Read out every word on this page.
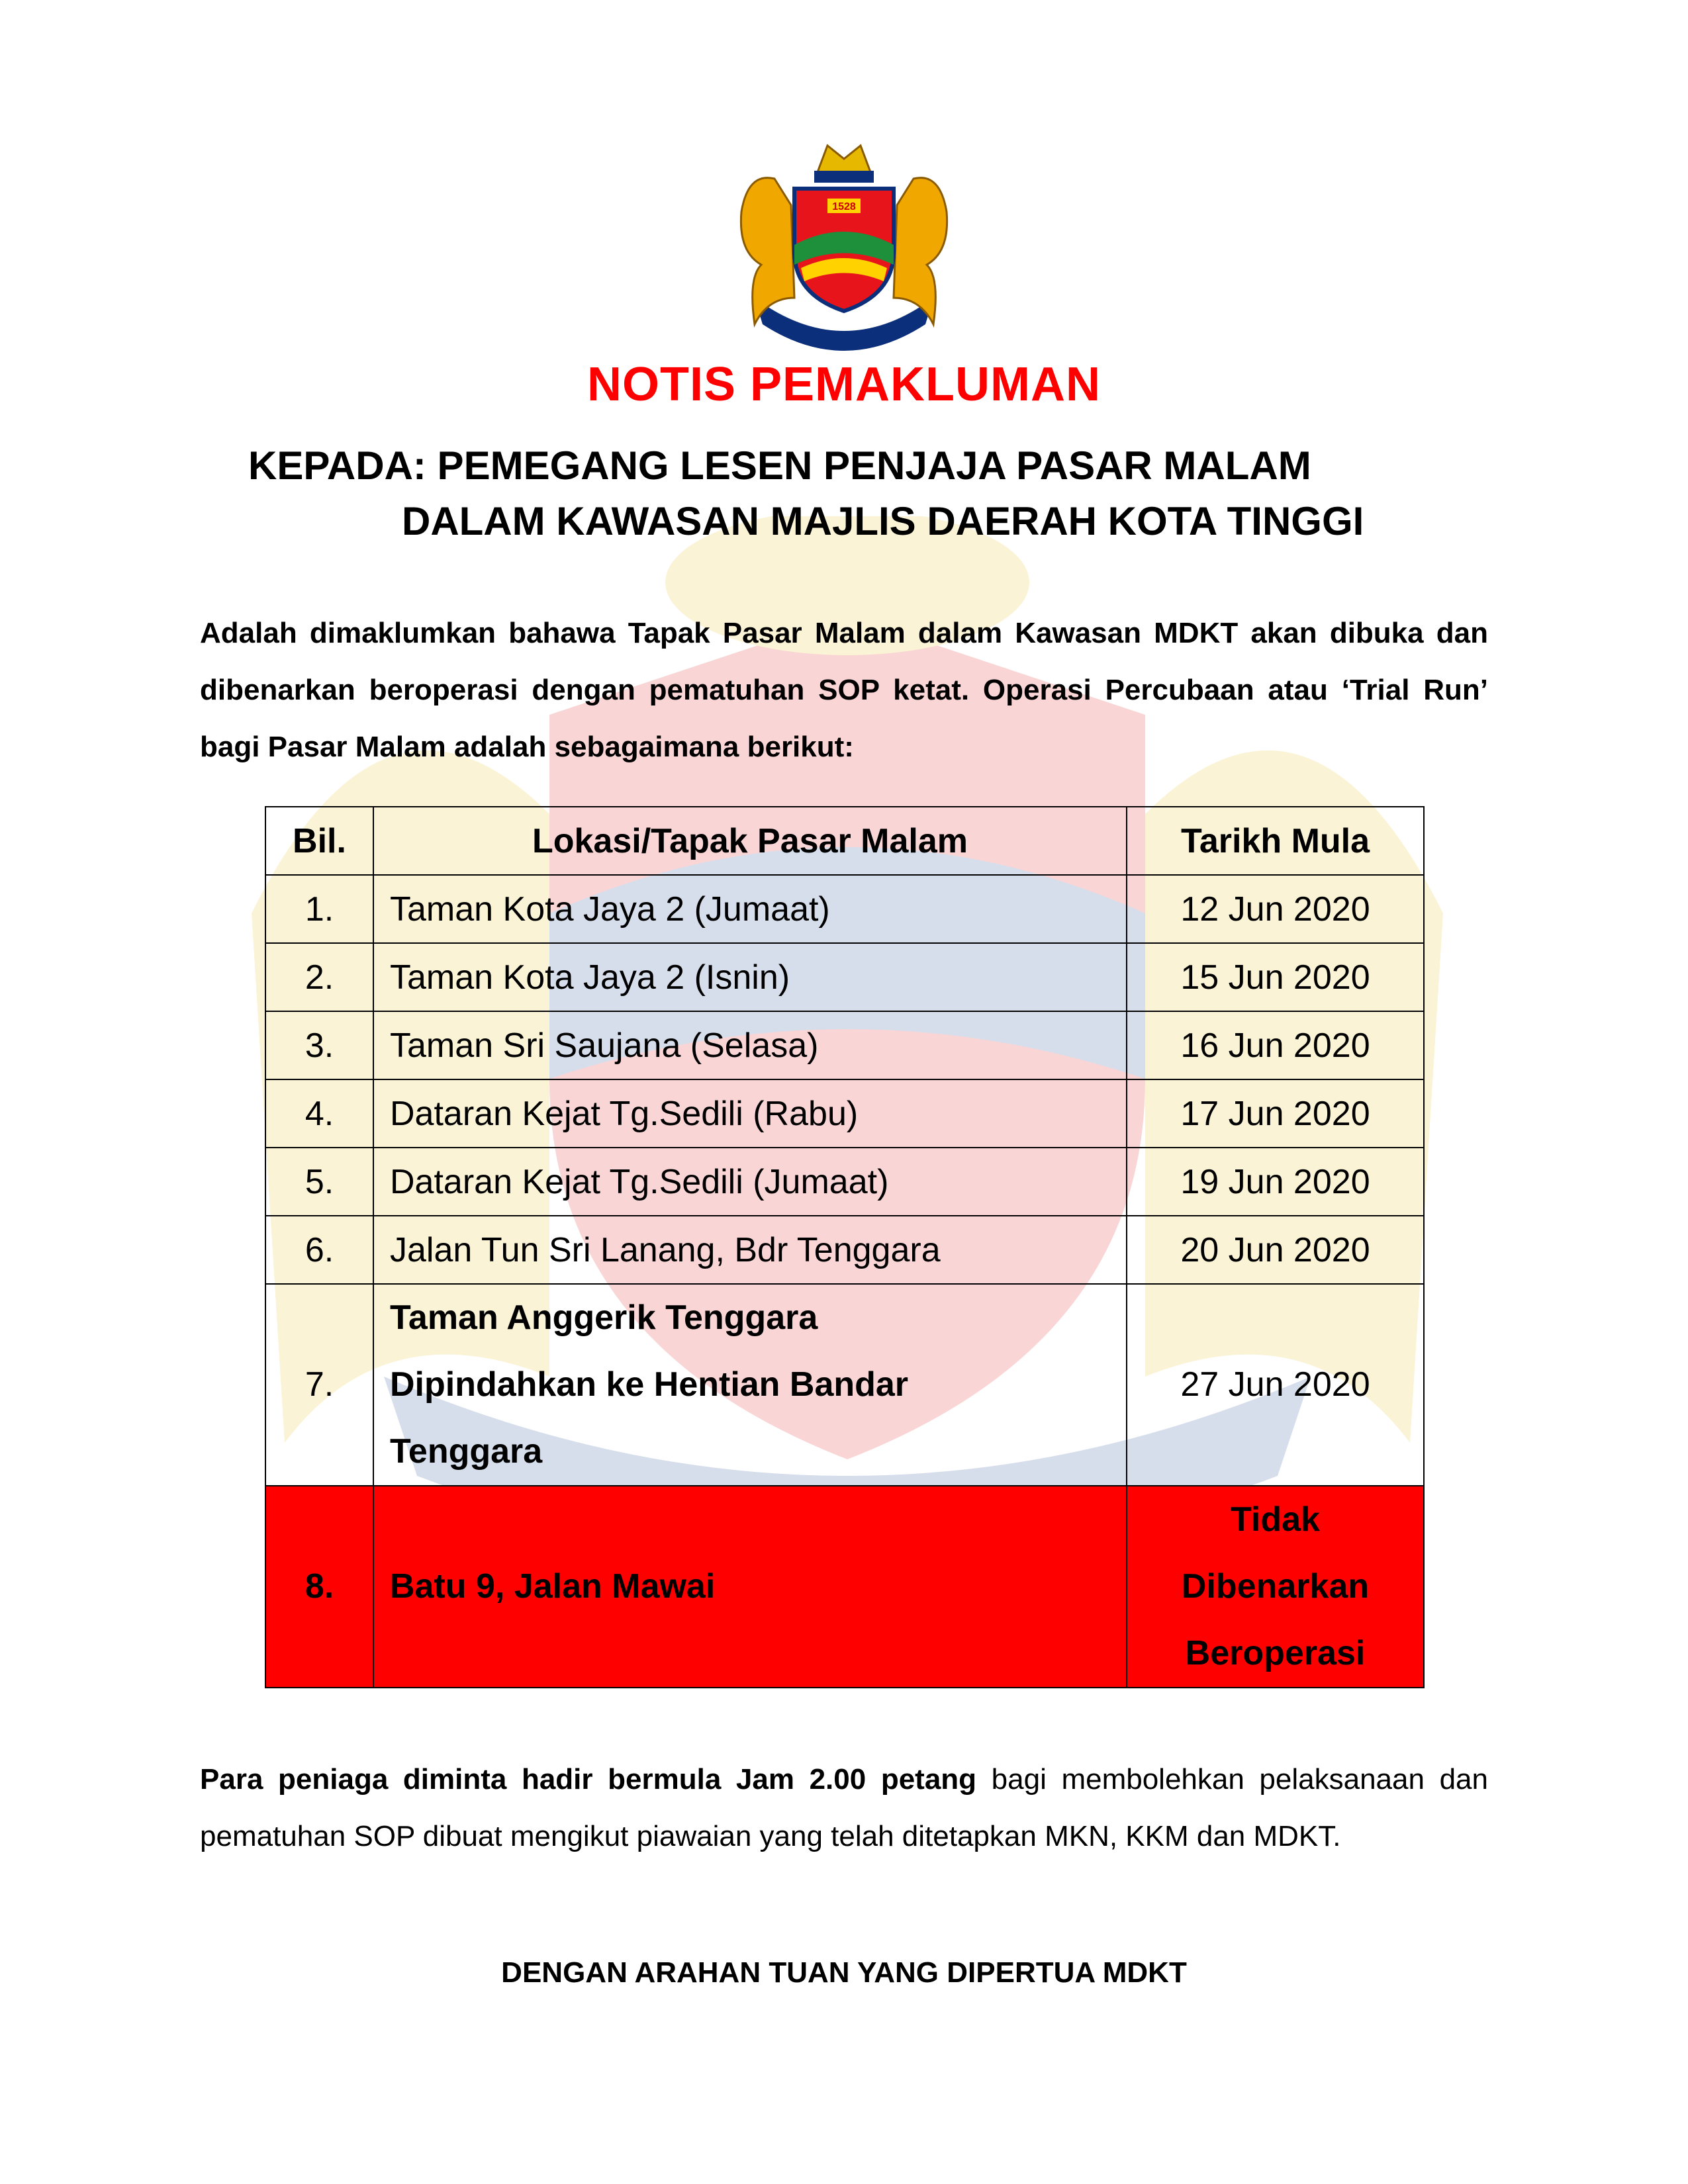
1528
NOTIS PEMAKLUMAN
KEPADA: PEMEGANG LESEN PENJAJA PASAR MALAM
DALAM KAWASAN MAJLIS DAERAH KOTA TINGGI
Adalah dimaklumkan bahawa Tapak Pasar Malam dalam Kawasan MDKT akan dibuka dan dibenarkan beroperasi dengan pematuhan SOP ketat. Operasi Percubaan atau ‘Trial Run’ bagi Pasar Malam adalah sebagaimana berikut:
Bil.	Lokasi/Tapak Pasar Malam	Tarikh Mula
1.	Taman Kota Jaya 2 (Jumaat)	12 Jun 2020
2.	Taman Kota Jaya 2 (Isnin)	15 Jun 2020
3.	Taman Sri Saujana (Selasa)	16 Jun 2020
4.	Dataran Kejat Tg.Sedili (Rabu)	17 Jun 2020
5.	Dataran Kejat Tg.Sedili (Jumaat)	19 Jun 2020
6.	Jalan Tun Sri Lanang, Bdr Tenggara	20 Jun 2020
7.	Taman Anggerik Tenggara
Dipindahkan ke Hentian Bandar
Tenggara	27 Jun 2020
8.	Batu 9, Jalan Mawai	Tidak
Dibenarkan
Beroperasi
Para peniaga diminta hadir bermula Jam 2.00 petang bagi membolehkan pelaksanaan dan pematuhan SOP dibuat mengikut piawaian yang telah ditetapkan MKN, KKM dan MDKT.
DENGAN ARAHAN TUAN YANG DIPERTUA MDKT
